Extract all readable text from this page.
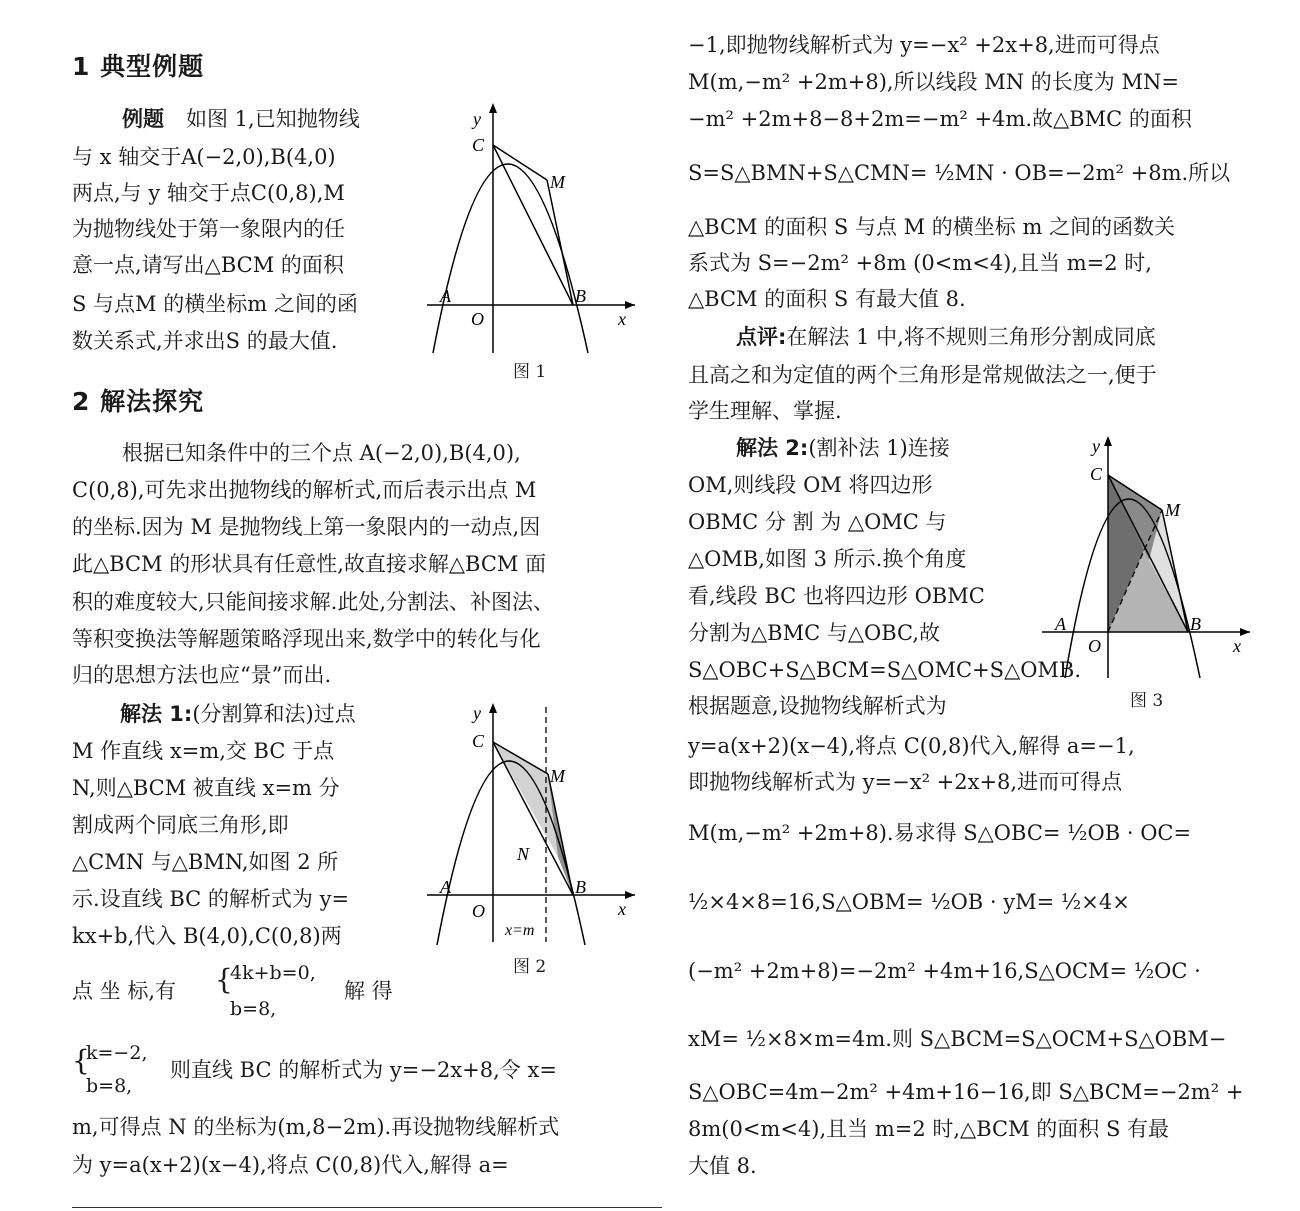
1 典型例题
例题 如图 1,已知抛物线
与 x 轴交于A(−2,0),B(4,0)
两点,与 y 轴交于点C(0,8),M
为抛物线处于第一象限内的任
意一点,请写出△BCM 的面积
S 与点M 的横坐标m 之间的函
数关系式,并求出S 的最大值.
2 解法探究
根据已知条件中的三个点 A(−2,0),B(4,0),
C(0,8),可先求出抛物线的解析式,而后表示出点 M
的坐标.因为 M 是抛物线上第一象限内的一动点,因
此△BCM 的形状具有任意性,故直接求解△BCM 面
积的难度较大,只能间接求解.此处,分割法、补图法、
等积变换法等解题策略浮现出来,数学中的转化与化
归的思想方法也应“景”而出.
解法 1:(分割算和法)过点
M 作直线 x=m,交 BC 于点
N,则△BCM 被直线 x=m 分
割成两个同底三角形,即
△CMN 与△BMN,如图 2 所
示.设直线 BC 的解析式为 y=
kx+b,代入 B(4,0),C(0,8)两
点 坐 标,有 {
4k+b=0,
b=8,
解 得
{
k=−2,
b=8,
则直线 BC 的解析式为 y=−2x+8,令 x=
m,可得点 N 的坐标为(m,8−2m).再设抛物线解析式
为 y=a(x+2)(x−4),将点 C(0,8)代入,解得 a=
y
x
O
A	B
C
M
图 1
y
x
O
A	B
C
M
N
x=m
图 2
−1,即抛物线解析式为 y=−x² +2x+8,进而可得点
M(m,−m² +2m+8),所以线段 MN 的长度为 MN=
−m² +2m+8−8+2m=−m² +4m.故△BMC 的面积
S=S△BMN+S△CMN= ½MN · OB=−2m² +8m.所以
△BCM 的面积 S 与点 M 的横坐标 m 之间的函数关
系式为 S=−2m² +8m (0<m<4),且当 m=2 时,
△BCM 的面积 S 有最大值 8.
点评:在解法 1 中,将不规则三角形分割成同底
且高之和为定值的两个三角形是常规做法之一,便于
学生理解、掌握.
解法 2:(割补法 1)连接
OM,则线段 OM 将四边形
OBMC 分 割 为 △OMC 与
△OMB,如图 3 所示.换个角度
看,线段 BC 也将四边形 OBMC
分割为△BMC 与△OBC,故
S△OBC+S△BCM=S△OMC+S△OMB.
根据题意,设抛物线解析式为
y=a(x+2)(x−4),将点 C(0,8)代入,解得 a=−1,
即抛物线解析式为 y=−x² +2x+8,进而可得点
M(m,−m² +2m+8).易求得 S△OBC= ½OB · OC=
½×4×8=16,S△OBM= ½OB · yM= ½×4×
(−m² +2m+8)=−2m² +4m+16,S△OCM= ½OC ·
xM= ½×8×m=4m.则 S△BCM=S△OCM+S△OBM−
S△OBC=4m−2m² +4m+16−16,即 S△BCM=−2m² +
8m(0<m<4),且当 m=2 时,△BCM 的面积 S 有最
大值 8.
y
x
O
A	B
C
M
图 3
